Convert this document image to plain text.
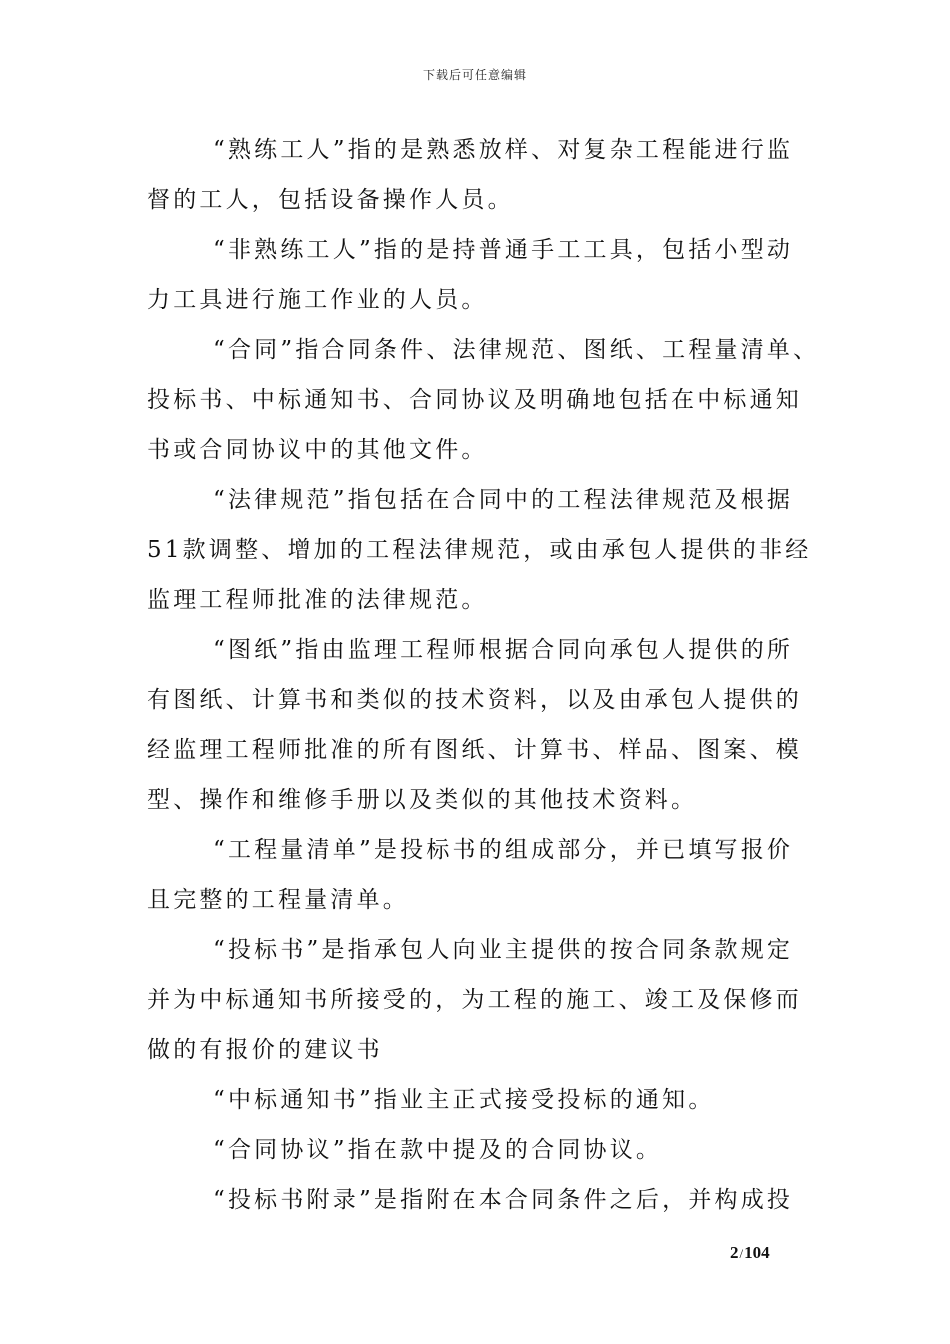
下载后可任意编辑
“熟练工人”指的是熟悉放样、对复杂工程能进行监
督的工人，包括设备操作人员。
“非熟练工人”指的是持普通手工工具，包括小型动
力工具进行施工作业的人员。
“合同”指合同条件、法律规范、图纸、工程量清单、
投标书、中标通知书、合同协议及明确地包括在中标通知
书或合同协议中的其他文件。
“法律规范”指包括在合同中的工程法律规范及根据
51款调整、增加的工程法律规范，或由承包人提供的非经
监理工程师批准的法律规范。
“图纸”指由监理工程师根据合同向承包人提供的所
有图纸、计算书和类似的技术资料，以及由承包人提供的
经监理工程师批准的所有图纸、计算书、样品、图案、模
型、操作和维修手册以及类似的其他技术资料。
“工程量清单”是投标书的组成部分，并已填写报价
且完整的工程量清单。
“投标书”是指承包人向业主提供的按合同条款规定
并为中标通知书所接受的，为工程的施工、竣工及保修而
做的有报价的建议书
“中标通知书”指业主正式接受投标的通知。
“合同协议”指在款中提及的合同协议。
“投标书附录”是指附在本合同条件之后，并构成投
2/104
